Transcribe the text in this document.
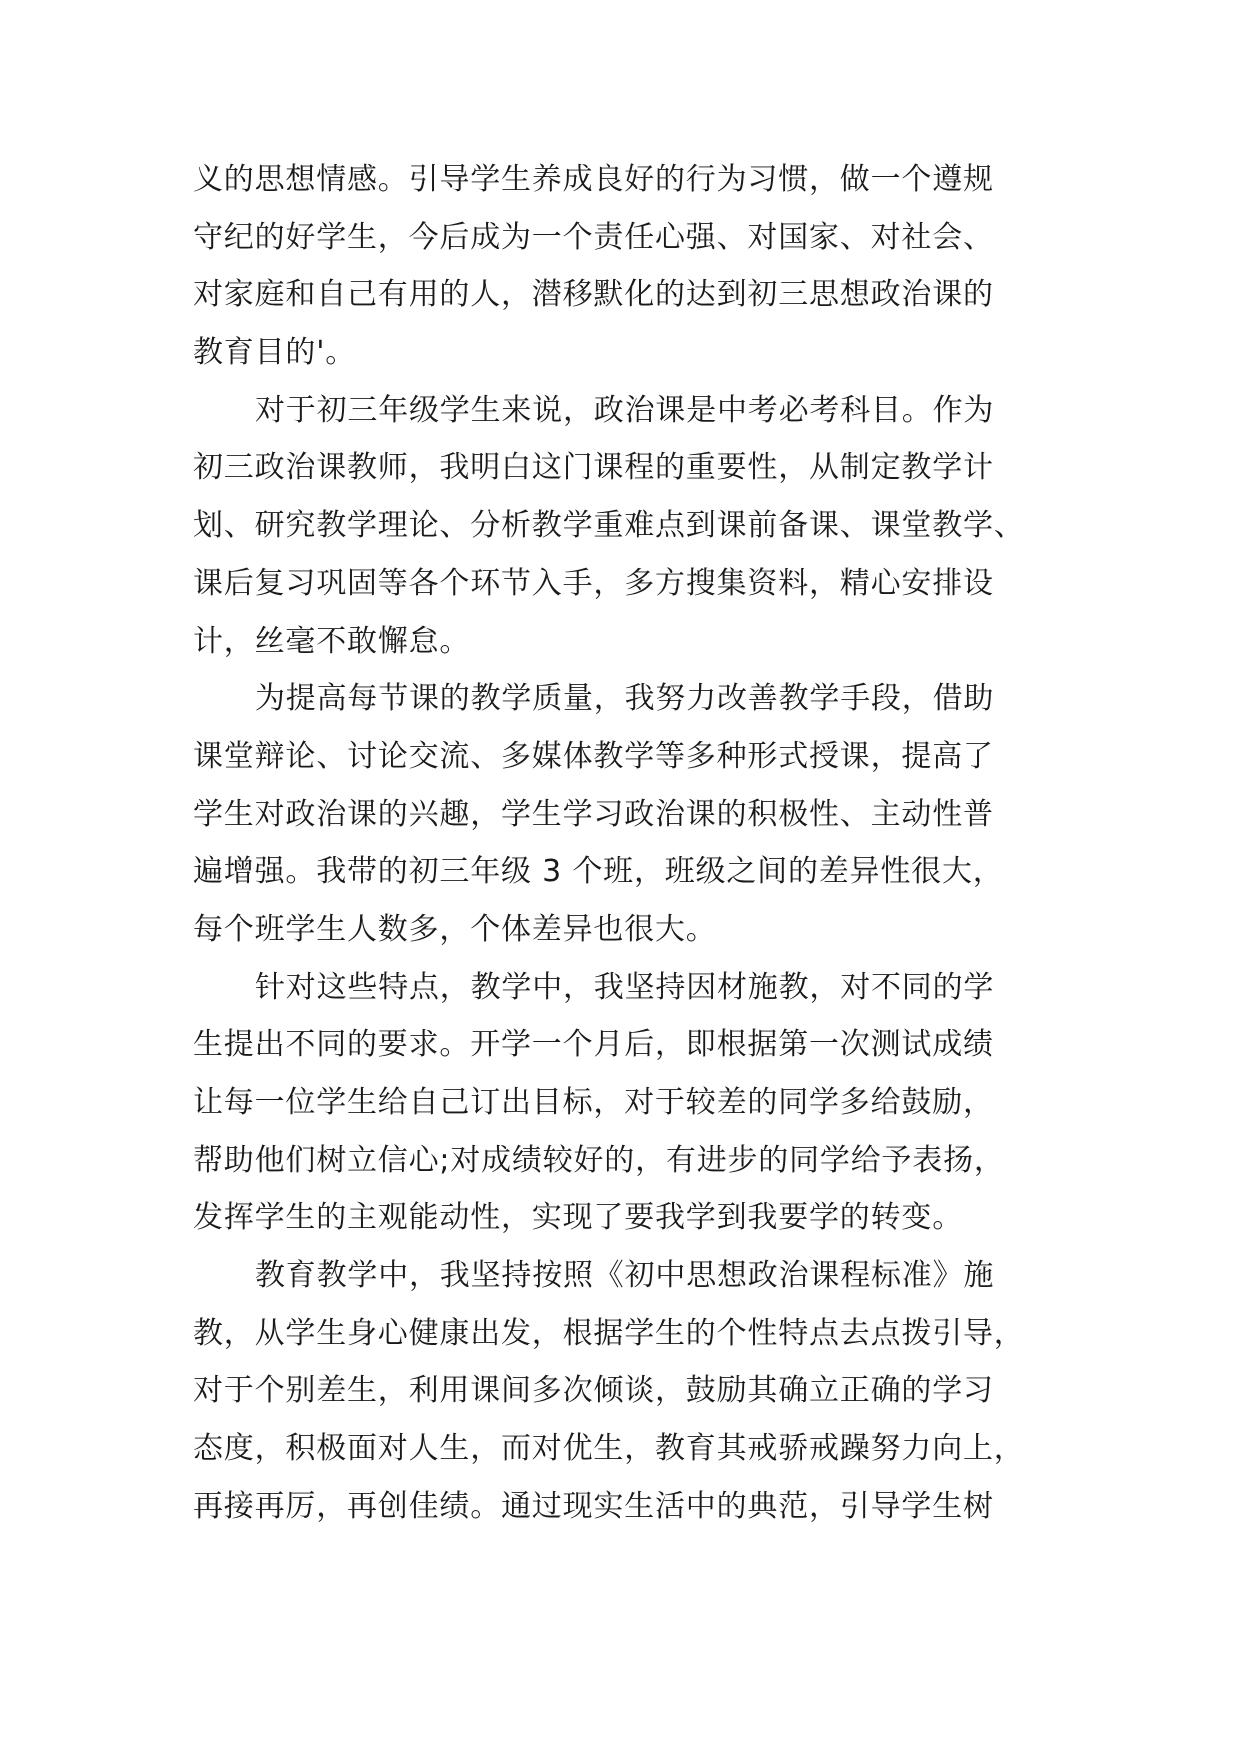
义的思想情感。引导学生养成良好的行为习惯，做一个遵规
守纪的好学生，今后成为一个责任心强、对国家、对社会、
对家庭和自己有用的人，潜移默化的达到初三思想政治课的
教育目的'。
对于初三年级学生来说，政治课是中考必考科目。作为
初三政治课教师，我明白这门课程的重要性，从制定教学计
划、研究教学理论、分析教学重难点到课前备课、课堂教学、
课后复习巩固等各个环节入手，多方搜集资料，精心安排设
计，丝毫不敢懈怠。
为提高每节课的教学质量，我努力改善教学手段，借助
课堂辩论、讨论交流、多媒体教学等多种形式授课，提高了
学生对政治课的兴趣，学生学习政治课的积极性、主动性普
遍增强。我带的初三年级 3 个班，班级之间的差异性很大，
每个班学生人数多，个体差异也很大。
针对这些特点，教学中，我坚持因材施教，对不同的学
生提出不同的要求。开学一个月后，即根据第一次测试成绩
让每一位学生给自己订出目标，对于较差的同学多给鼓励，
帮助他们树立信心;对成绩较好的，有进步的同学给予表扬，
发挥学生的主观能动性，实现了要我学到我要学的转变。
教育教学中，我坚持按照《初中思想政治课程标准》施
教，从学生身心健康出发，根据学生的个性特点去点拨引导，
对于个别差生，利用课间多次倾谈，鼓励其确立正确的学习
态度，积极面对人生，而对优生，教育其戒骄戒躁努力向上，
再接再厉，再创佳绩。通过现实生活中的典范，引导学生树
